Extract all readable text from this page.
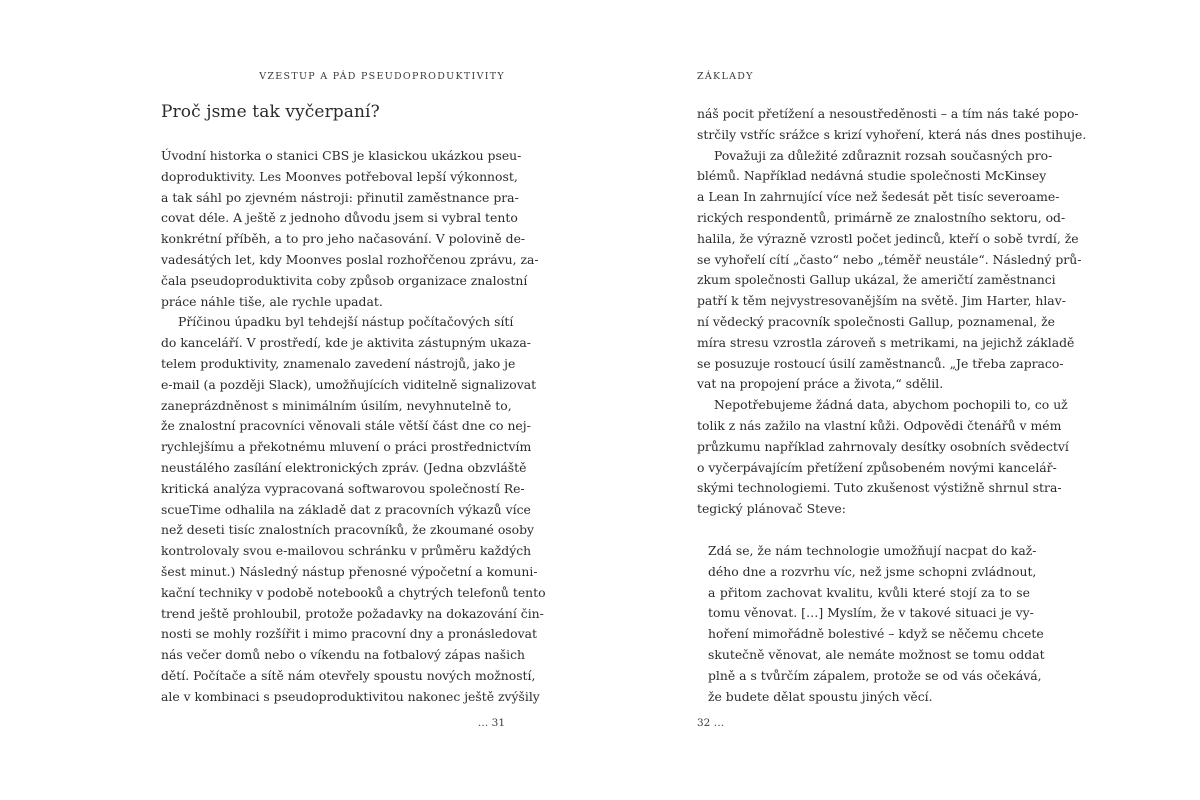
VZESTUP A PÁD PSEUDOPRODUKTIVITY
Proč jsme tak vyčerpaní?

Úvodní historka o stanici CBS je klasickou ukázkou pseu-
doproduktivity. Les Moonves potřeboval lepší výkonnost,
a tak sáhl po zjevném nástroji: přinutil zaměstnance pra-
covat déle. A ještě z jednoho důvodu jsem si vybral tento
konkrétní příběh, a to pro jeho načasování. V polovině de-
vadesátých let, kdy Moonves poslal rozhořčenou zprávu, za-
čala pseudoproduktivita coby způsob organizace znalostní
práce náhle tiše, ale rychle upadat.

Příčinou úpadku byl tehdejší nástup počítačových sítí
do kanceláří. V prostředí, kde je aktivita zástupným ukaza-
telem produktivity, znamenalo zavedení nástrojů, jako je
e-mail (a později Slack), umožňujících viditelně signalizovat
zaneprázdněnost s minimálním úsilím, nevyhnutelně to,
že znalostní pracovníci věnovali stále větší část dne co nej-
rychlejšímu a překotnému mluvení o práci prostřednictvím
neustálého zasílání elektronických zpráv. (Jedna obzvláště
kritická analýza vypracovaná softwarovou společností Re-
scueTime odhalila na základě dat z pracovních výkazů více
než deseti tisíc znalostních pracovníků, že zkoumané osoby
kontrolovaly svou e-mailovou schránku v průměru každých
šest minut.) Následný nástup přenosné výpočetní a komuni-
kační techniky v podobě notebooků a chytrých telefonů tento
trend ještě prohloubil, protože požadavky na dokazování čin-
nosti se mohly rozšířit i mimo pracovní dny a pronásledovat
nás večer domů nebo o víkendu na fotbalový zápas našich
dětí. Počítače a sítě nám otevřely spoustu nových možností,
ale v kombinaci s pseudoproduktivitou nakonec ještě zvýšily

… 31
ZÁKLADY

náš pocit přetížení a nesoustředěnosti – a tím nás také popo-
strčily vstříc srážce s krizí vyhoření, která nás dnes postihuje.

Považuji za důležité zdůraznit rozsah současných pro-
blémů. Například nedávná studie společnosti McKinsey
a Lean In zahrnující více než šedesát pět tisíc severoame-
rických respondentů, primárně ze znalostního sektoru, od-
halila, že výrazně vzrostl počet jedinců, kteří o sobě tvrdí, že
se vyhořelí cítí „často“ nebo „téměř neustále“. Následný prů-
zkum společnosti Gallup ukázal, že američtí zaměstnanci
patří k těm nejvystresovanějším na světě. Jim Harter, hlav-
ní vědecký pracovník společnosti Gallup, poznamenal, že
míra stresu vzrostla zároveň s metrikami, na jejichž základě
se posuzuje rostoucí úsilí zaměstnanců. „Je třeba zapraco-
vat na propojení práce a života,“ sdělil.

Nepotřebujeme žádná data, abychom pochopili to, co už
tolik z nás zažilo na vlastní kůži. Odpovědi čtenářů v mém
průzkumu například zahrnovaly desítky osobních svědectví
o vyčerpávajícím přetížení způsobeném novými kancelář-
skými technologiemi. Tuto zkušenost výstižně shrnul stra-
tegický plánovač Steve:

Zdá se, že nám technologie umožňují nacpat do kaž-
dého dne a rozvrhu víc, než jsme schopni zvládnout,
a přitom zachovat kvalitu, kvůli které stojí za to se
tomu věnovat. […] Myslím, že v takové situaci je vy-
hoření mimořádně bolestivé – když se něčemu chcete
skutečně věnovat, ale nemáte možnost se tomu oddat
plně a s tvůrčím zápalem, protože se od vás očekává,
že budete dělat spoustu jiných věcí.
32 …
